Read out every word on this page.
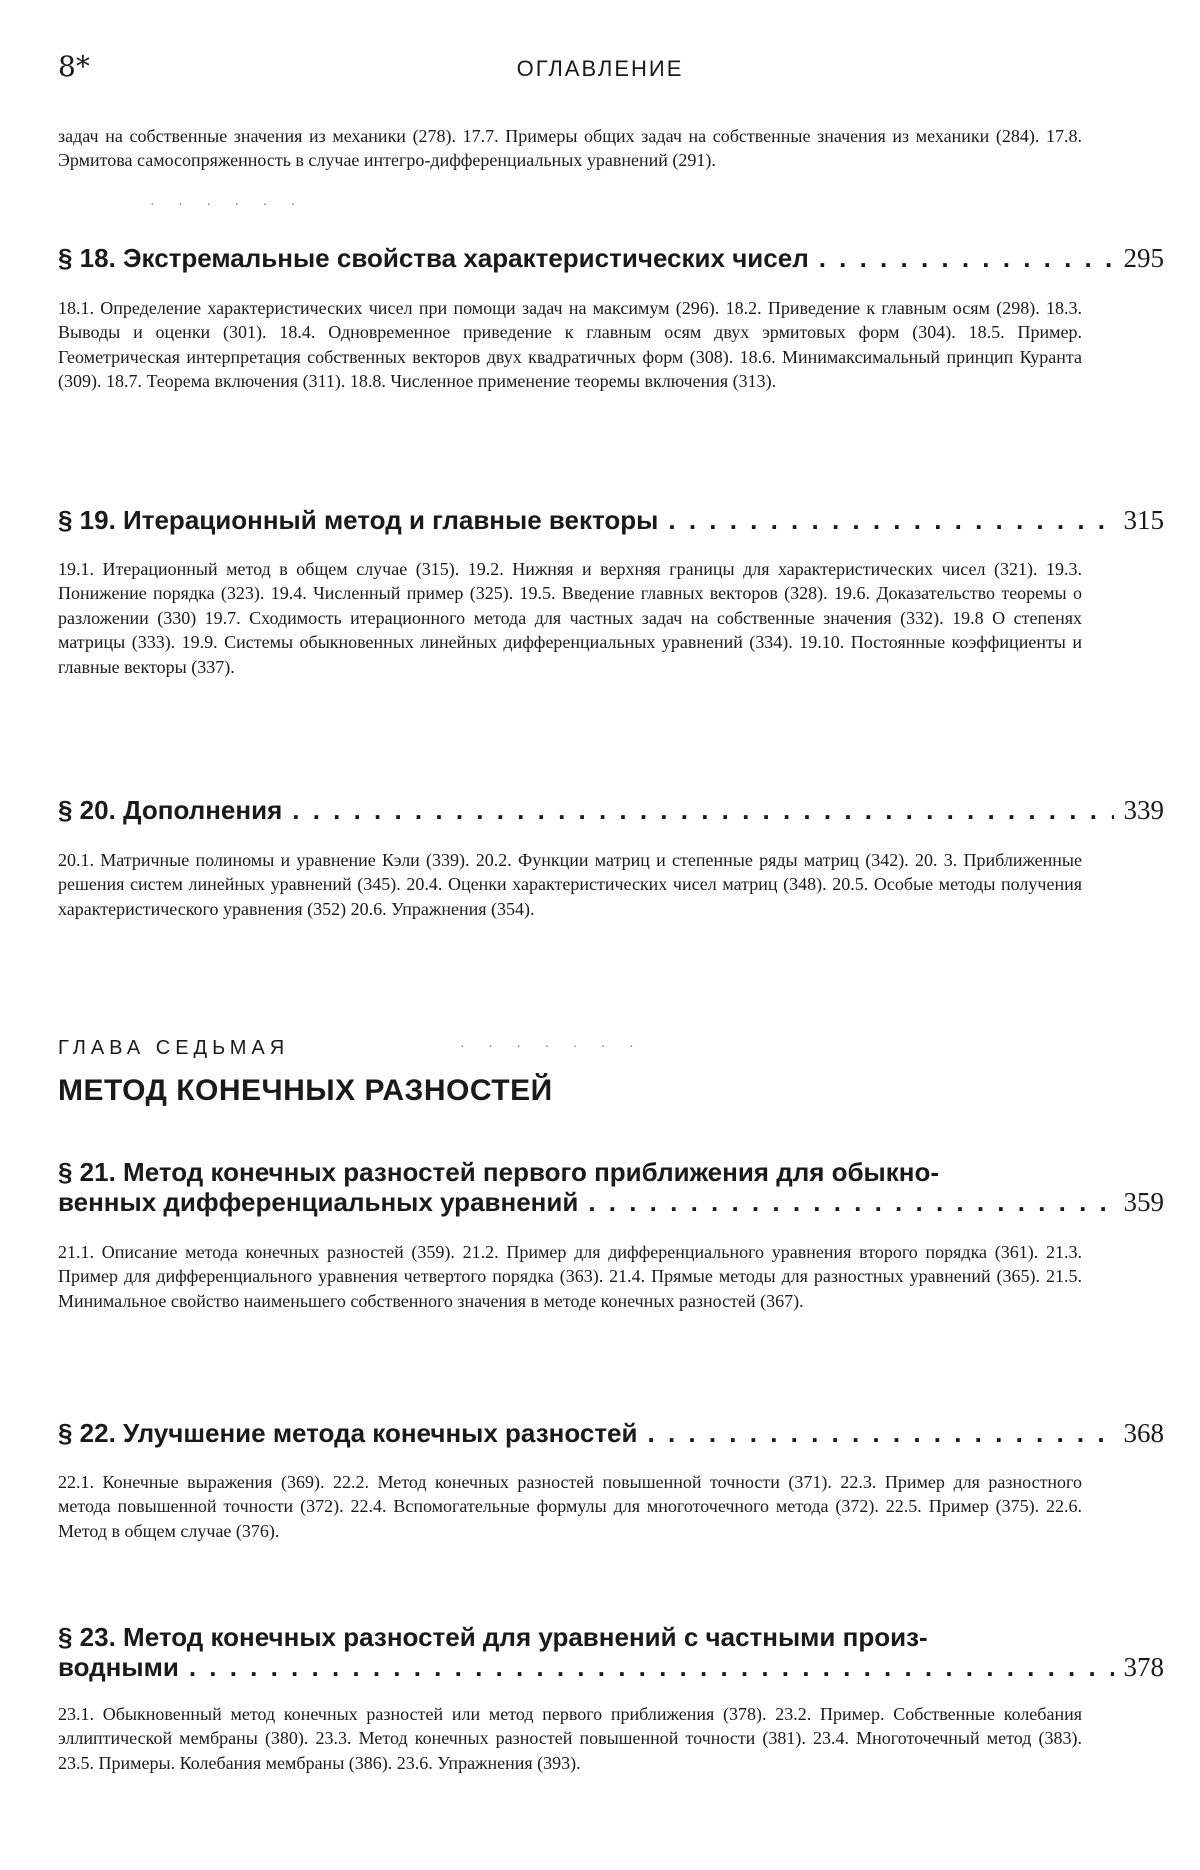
8*	ОГЛАВЛЕНИЕ
задач на собственные значения из механики (278). 17.7. Примеры общих задач на собственные значения из механики (284). 17.8. Эрмитова самосопряженность в случае интегро-дифференциальных уравнений (291).
· · · · · ·
§ 18. Экстремальные свойства характеристических чисел
. . .	295
18.1. Определение характеристических чисел при помощи задач на максимум (296). 18.2. Приведение к главным осям (298). 18.3. Выводы и оценки (301). 18.4. Одновременное приведение к главным осям двух эрмитовых форм (304). 18.5. Пример. Геометрическая интерпретация собственных векторов двух квадратичных форм (308). 18.6. Минимаксимальный принцип Куранта (309). 18.7. Теорема включения (311). 18.8. Численное применение теоремы включения (313).
§ 19. Итерационный метод и главные векторы
. . .	315
19.1. Итерационный метод в общем случае (315). 19.2. Нижняя и верхняя границы для характеристических чисел (321). 19.3. Понижение порядка (323). 19.4. Численный пример (325). 19.5. Введение главных векторов (328). 19.6. Доказательство теоремы о разложении (330) 19.7. Сходимость итерационного метода для частных задач на собственные значения (332). 19.8 О степенях матрицы (333). 19.9. Системы обыкновенных линейных дифференциальных уравнений (334). 19.10. Постоянные коэффициенты и главные векторы (337).
§ 20. Дополнения
. . .	339
20.1. Матричные полиномы и уравнение Кэли (339). 20.2. Функции матриц и степенные ряды матриц (342). 20. 3. Приближенные решения систем линейных уравнений (345). 20.4. Оценки характеристических чисел матриц (348). 20.5. Особые методы получения характеристического уравнения (352) 20.6. Упражнения (354).
ГЛАВА СЕДЬМАЯ	· · · · · · ·
МЕТОД КОНЕЧНЫХ РАЗНОСТЕЙ
§ 21. Метод конечных разностей первого приближения для обыкно-
венных дифференциальных уравнений
. . .	359
21.1. Описание метода конечных разностей (359). 21.2. Пример для дифференциального уравнения второго порядка (361). 21.3. Пример для дифференциального уравнения четвертого порядка (363). 21.4. Прямые методы для разностных уравнений (365). 21.5. Минимальное свойство наименьшего собственного значения в методе конечных разностей (367).
§ 22. Улучшение метода конечных разностей
. . .	368
22.1. Конечные выражения (369). 22.2. Метод конечных разностей повышенной точности (371). 22.3. Пример для разностного метода повышенной точности (372). 22.4. Вспомогательные формулы для многоточечного метода (372). 22.5. Пример (375). 22.6. Метод в общем случае (376).
§ 23. Метод конечных разностей для уравнений с частными произ-
водными
. . .	378
23.1. Обыкновенный метод конечных разностей или метод первого приближения (378). 23.2. Пример. Собственные колебания эллиптической мембраны (380). 23.3. Метод конечных разностей повышенной точности (381). 23.4. Многоточечный метод (383). 23.5. Примеры. Колебания мембраны (386). 23.6. Упражнения (393).
